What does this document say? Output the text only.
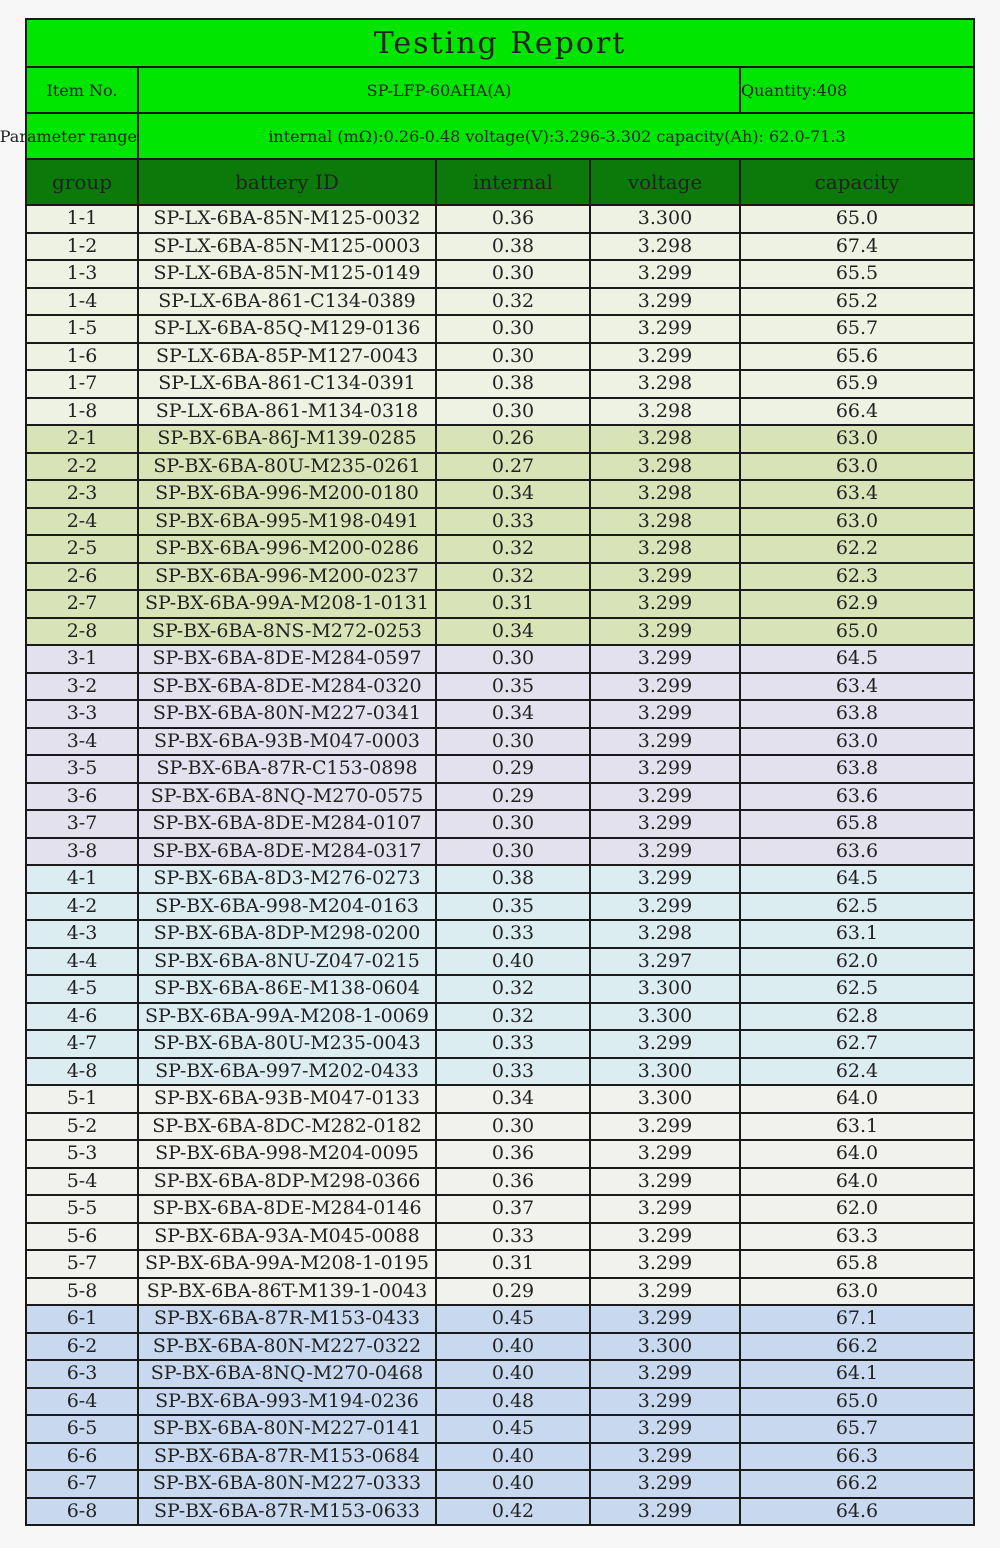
Testing Report				
Item No.	SP-LFP-60AHA(A)			Quantity:408
Parameter range	internal (mΩ):0.26-0.48 voltage(V):3.296-3.302 capacity(Ah): 62.0-71.3			
group	battery ID	internal	voltage	capacity
1-1	SP-LX-6BA-85N-M125-0032	0.36	3.300	65.0
1-2	SP-LX-6BA-85N-M125-0003	0.38	3.298	67.4
1-3	SP-LX-6BA-85N-M125-0149	0.30	3.299	65.5
1-4	SP-LX-6BA-861-C134-0389	0.32	3.299	65.2
1-5	SP-LX-6BA-85Q-M129-0136	0.30	3.299	65.7
1-6	SP-LX-6BA-85P-M127-0043	0.30	3.299	65.6
1-7	SP-LX-6BA-861-C134-0391	0.38	3.298	65.9
1-8	SP-LX-6BA-861-M134-0318	0.30	3.298	66.4
2-1	SP-BX-6BA-86J-M139-0285	0.26	3.298	63.0
2-2	SP-BX-6BA-80U-M235-0261	0.27	3.298	63.0
2-3	SP-BX-6BA-996-M200-0180	0.34	3.298	63.4
2-4	SP-BX-6BA-995-M198-0491	0.33	3.298	63.0
2-5	SP-BX-6BA-996-M200-0286	0.32	3.298	62.2
2-6	SP-BX-6BA-996-M200-0237	0.32	3.299	62.3
2-7	SP-BX-6BA-99A-M208-1-0131	0.31	3.299	62.9
2-8	SP-BX-6BA-8NS-M272-0253	0.34	3.299	65.0
3-1	SP-BX-6BA-8DE-M284-0597	0.30	3.299	64.5
3-2	SP-BX-6BA-8DE-M284-0320	0.35	3.299	63.4
3-3	SP-BX-6BA-80N-M227-0341	0.34	3.299	63.8
3-4	SP-BX-6BA-93B-M047-0003	0.30	3.299	63.0
3-5	SP-BX-6BA-87R-C153-0898	0.29	3.299	63.8
3-6	SP-BX-6BA-8NQ-M270-0575	0.29	3.299	63.6
3-7	SP-BX-6BA-8DE-M284-0107	0.30	3.299	65.8
3-8	SP-BX-6BA-8DE-M284-0317	0.30	3.299	63.6
4-1	SP-BX-6BA-8D3-M276-0273	0.38	3.299	64.5
4-2	SP-BX-6BA-998-M204-0163	0.35	3.299	62.5
4-3	SP-BX-6BA-8DP-M298-0200	0.33	3.298	63.1
4-4	SP-BX-6BA-8NU-Z047-0215	0.40	3.297	62.0
4-5	SP-BX-6BA-86E-M138-0604	0.32	3.300	62.5
4-6	SP-BX-6BA-99A-M208-1-0069	0.32	3.300	62.8
4-7	SP-BX-6BA-80U-M235-0043	0.33	3.299	62.7
4-8	SP-BX-6BA-997-M202-0433	0.33	3.300	62.4
5-1	SP-BX-6BA-93B-M047-0133	0.34	3.300	64.0
5-2	SP-BX-6BA-8DC-M282-0182	0.30	3.299	63.1
5-3	SP-BX-6BA-998-M204-0095	0.36	3.299	64.0
5-4	SP-BX-6BA-8DP-M298-0366	0.36	3.299	64.0
5-5	SP-BX-6BA-8DE-M284-0146	0.37	3.299	62.0
5-6	SP-BX-6BA-93A-M045-0088	0.33	3.299	63.3
5-7	SP-BX-6BA-99A-M208-1-0195	0.31	3.299	65.8
5-8	SP-BX-6BA-86T-M139-1-0043	0.29	3.299	63.0
6-1	SP-BX-6BA-87R-M153-0433	0.45	3.299	67.1
6-2	SP-BX-6BA-80N-M227-0322	0.40	3.300	66.2
6-3	SP-BX-6BA-8NQ-M270-0468	0.40	3.299	64.1
6-4	SP-BX-6BA-993-M194-0236	0.48	3.299	65.0
6-5	SP-BX-6BA-80N-M227-0141	0.45	3.299	65.7
6-6	SP-BX-6BA-87R-M153-0684	0.40	3.299	66.3
6-7	SP-BX-6BA-80N-M227-0333	0.40	3.299	66.2
6-8	SP-BX-6BA-87R-M153-0633	0.42	3.299	64.6
